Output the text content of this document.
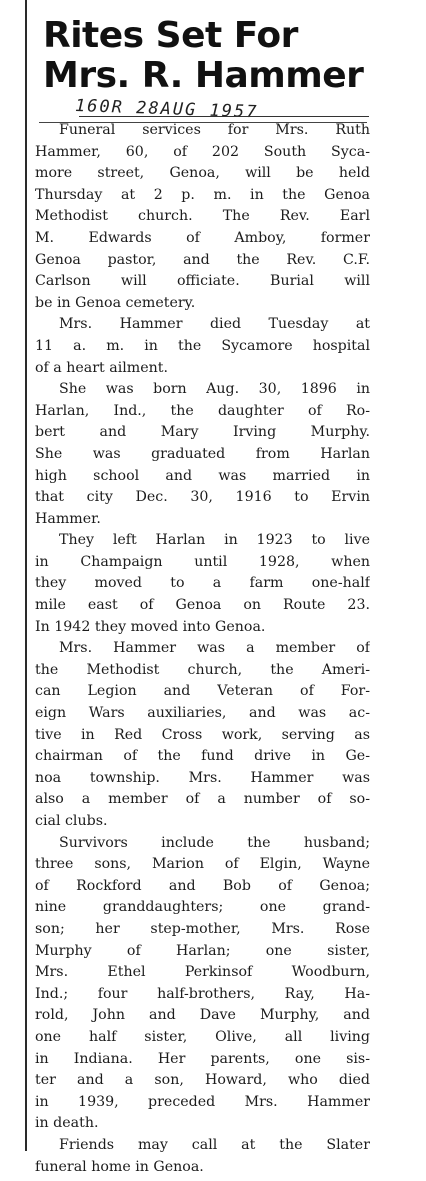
Rites Set For
Mrs. R. Hammer
160R 28AUG 1957

Funeral services for Mrs. Ruth
Hammer, 60, of 202 South Syca-
more street, Genoa, will be held
Thursday at 2 p. m. in the Genoa
Methodist church. The Rev. Earl
M. Edwards of Amboy, former
Genoa pastor, and the Rev. C.F.
Carlson will officiate. Burial will
be in Genoa cemetery.

Mrs. Hammer died Tuesday at
11 a. m. in the Sycamore hospital
of a heart ailment.

She was born Aug. 30, 1896 in
Harlan, Ind., the daughter of Ro-
bert and Mary Irving Murphy.
She was graduated from Harlan
high school and was married in
that city Dec. 30, 1916 to Ervin
Hammer.

They left Harlan in 1923 to live
in Champaign until 1928, when
they moved to a farm one-half
mile east of Genoa on Route 23.
In 1942 they moved into Genoa.

Mrs. Hammer was a member of
the Methodist church, the Ameri-
can Legion and Veteran of For-
eign Wars auxiliaries, and was ac-
tive in Red Cross work, serving as
chairman of the fund drive in Ge-
noa township. Mrs. Hammer was
also a member of a number of so-
cial clubs.

Survivors include the husband;
three sons, Marion of Elgin, Wayne
of Rockford and Bob of Genoa;
nine granddaughters; one grand-
son; her step-mother, Mrs. Rose
Murphy of Harlan; one sister,
Mrs. Ethel Perkinsof Woodburn,
Ind.; four half-brothers, Ray, Ha-
rold, John and Dave Murphy, and
one half sister, Olive, all living
in Indiana. Her parents, one sis-
ter and a son, Howard, who died
in 1939, preceded Mrs. Hammer
in death.

Friends may call at the Slater
funeral home in Genoa.
